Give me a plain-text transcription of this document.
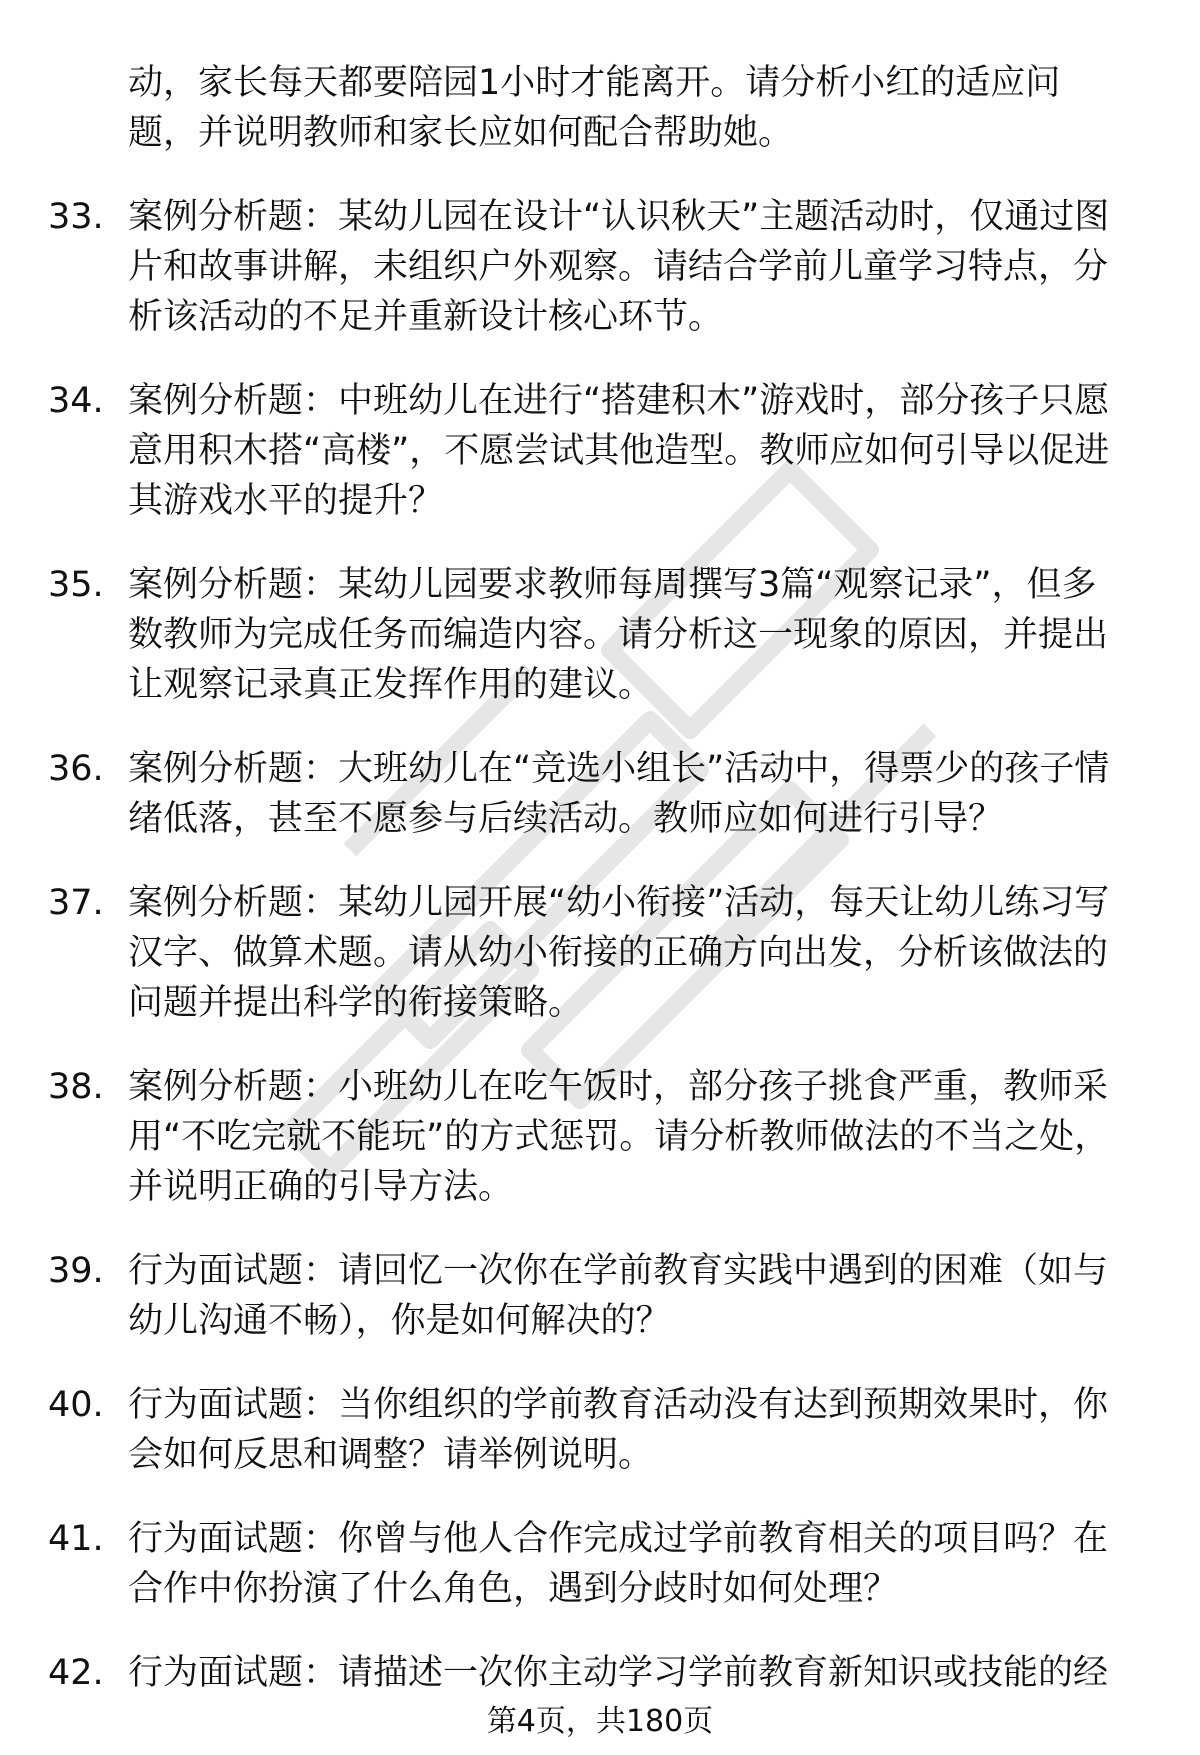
动，家长每天都要陪园1小时才能离开。请分析小红的适应问题，并说明教师和家长应如何配合帮助她。

33. 案例分析题：某幼儿园在设计“认识秋天”主题活动时，仅通过图片和故事讲解，未组织户外观察。请结合学前儿童学习特点，分析该活动的不足并重新设计核心环节。
34. 案例分析题：中班幼儿在进行“搭建积木”游戏时，部分孩子只愿意用积木搭“高楼”，不愿尝试其他造型。教师应如何引导以促进其游戏水平的提升？
35. 案例分析题：某幼儿园要求教师每周撰写3篇“观察记录”，但多数教师为完成任务而编造内容。请分析这一现象的原因，并提出让观察记录真正发挥作用的建议。
36. 案例分析题：大班幼儿在“竞选小组长”活动中，得票少的孩子情绪低落，甚至不愿参与后续活动。教师应如何进行引导？
37. 案例分析题：某幼儿园开展“幼小衔接”活动，每天让幼儿练习写汉字、做算术题。请从幼小衔接的正确方向出发，分析该做法的问题并提出科学的衔接策略。
38. 案例分析题：小班幼儿在吃午饭时，部分孩子挑食严重，教师采用“不吃完就不能玩”的方式惩罚。请分析教师做法的不当之处，并说明正确的引导方法。
39. 行为面试题：请回忆一次你在学前教育实践中遇到的困难（如与幼儿沟通不畅），你是如何解决的？
40. 行为面试题：当你组织的学前教育活动没有达到预期效果时，你会如何反思和调整？请举例说明。
41. 行为面试题：你曾与他人合作完成过学前教育相关的项目吗？在合作中你扮演了什么角色，遇到分歧时如何处理？
42. 行为面试题：请描述一次你主动学习学前教育新知识或技能的经
第4页，共180页
